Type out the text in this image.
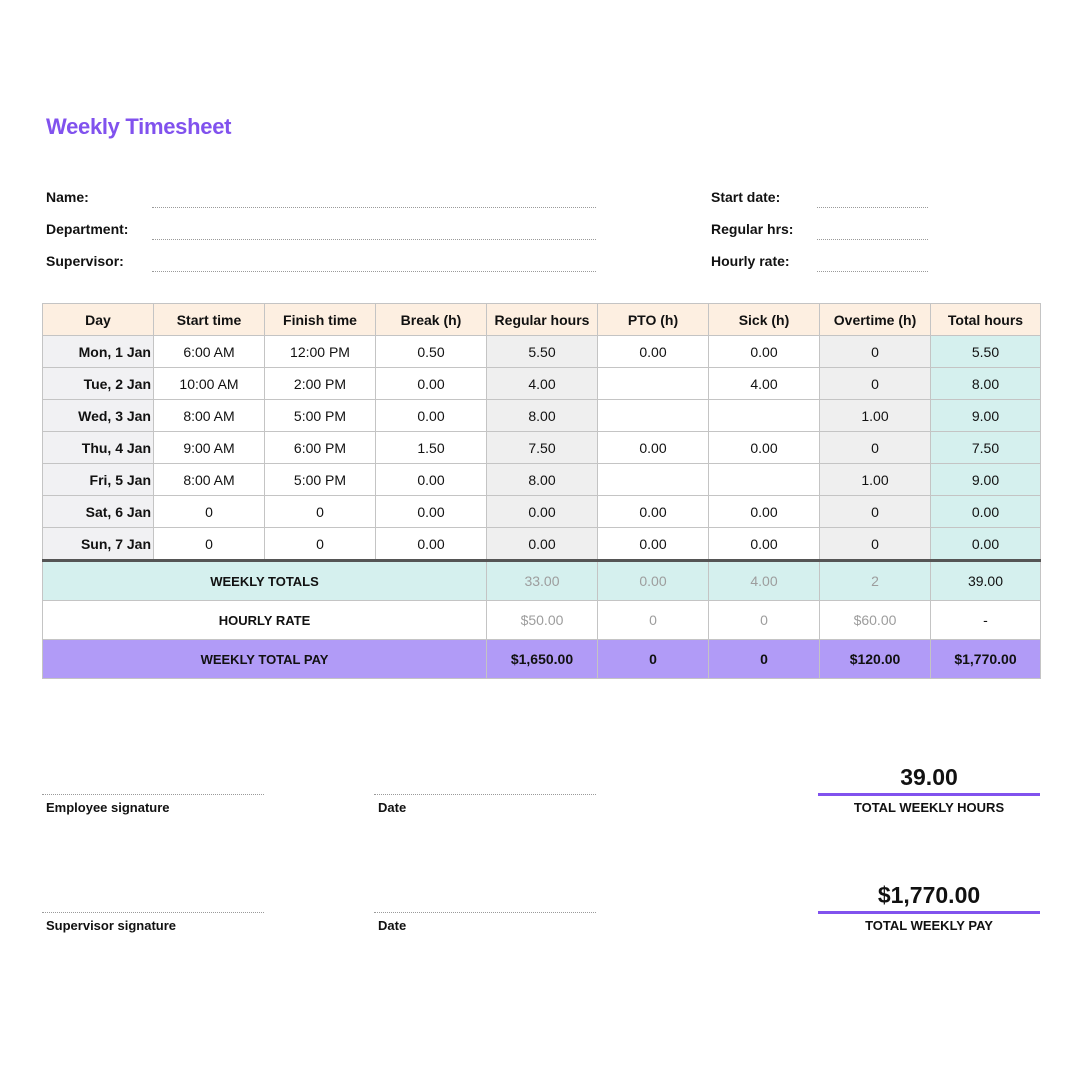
Weekly Timesheet
Name:
Department:
Supervisor:
Start date:
Regular hrs:
Hourly rate:
Day	Start time	Finish time	Break (h)	Regular hours	PTO (h)	Sick (h)	Overtime (h)	Total hours
Mon, 1 Jan	6:00 AM	12:00 PM	0.50	5.50	0.00	0.00	0	5.50
Tue, 2 Jan	10:00 AM	2:00 PM	0.00	4.00		4.00	0	8.00
Wed, 3 Jan	8:00 AM	5:00 PM	0.00	8.00			1.00	9.00
Thu, 4 Jan	9:00 AM	6:00 PM	1.50	7.50	0.00	0.00	0	7.50
Fri, 5 Jan	8:00 AM	5:00 PM	0.00	8.00			1.00	9.00
Sat, 6 Jan	0	0	0.00	0.00	0.00	0.00	0	0.00
Sun, 7 Jan	0	0	0.00	0.00	0.00	0.00	0	0.00
WEEKLY TOTALS				33.00	0.00	4.00	2	39.00
HOURLY RATE				$50.00	0	0	$60.00	-
WEEKLY TOTAL PAY				$1,650.00	0	0	$120.00	$1,770.00
Employee signature	Date
Supervisor signature	Date
39.00
TOTAL WEEKLY HOURS
$1,770.00
TOTAL WEEKLY PAY
